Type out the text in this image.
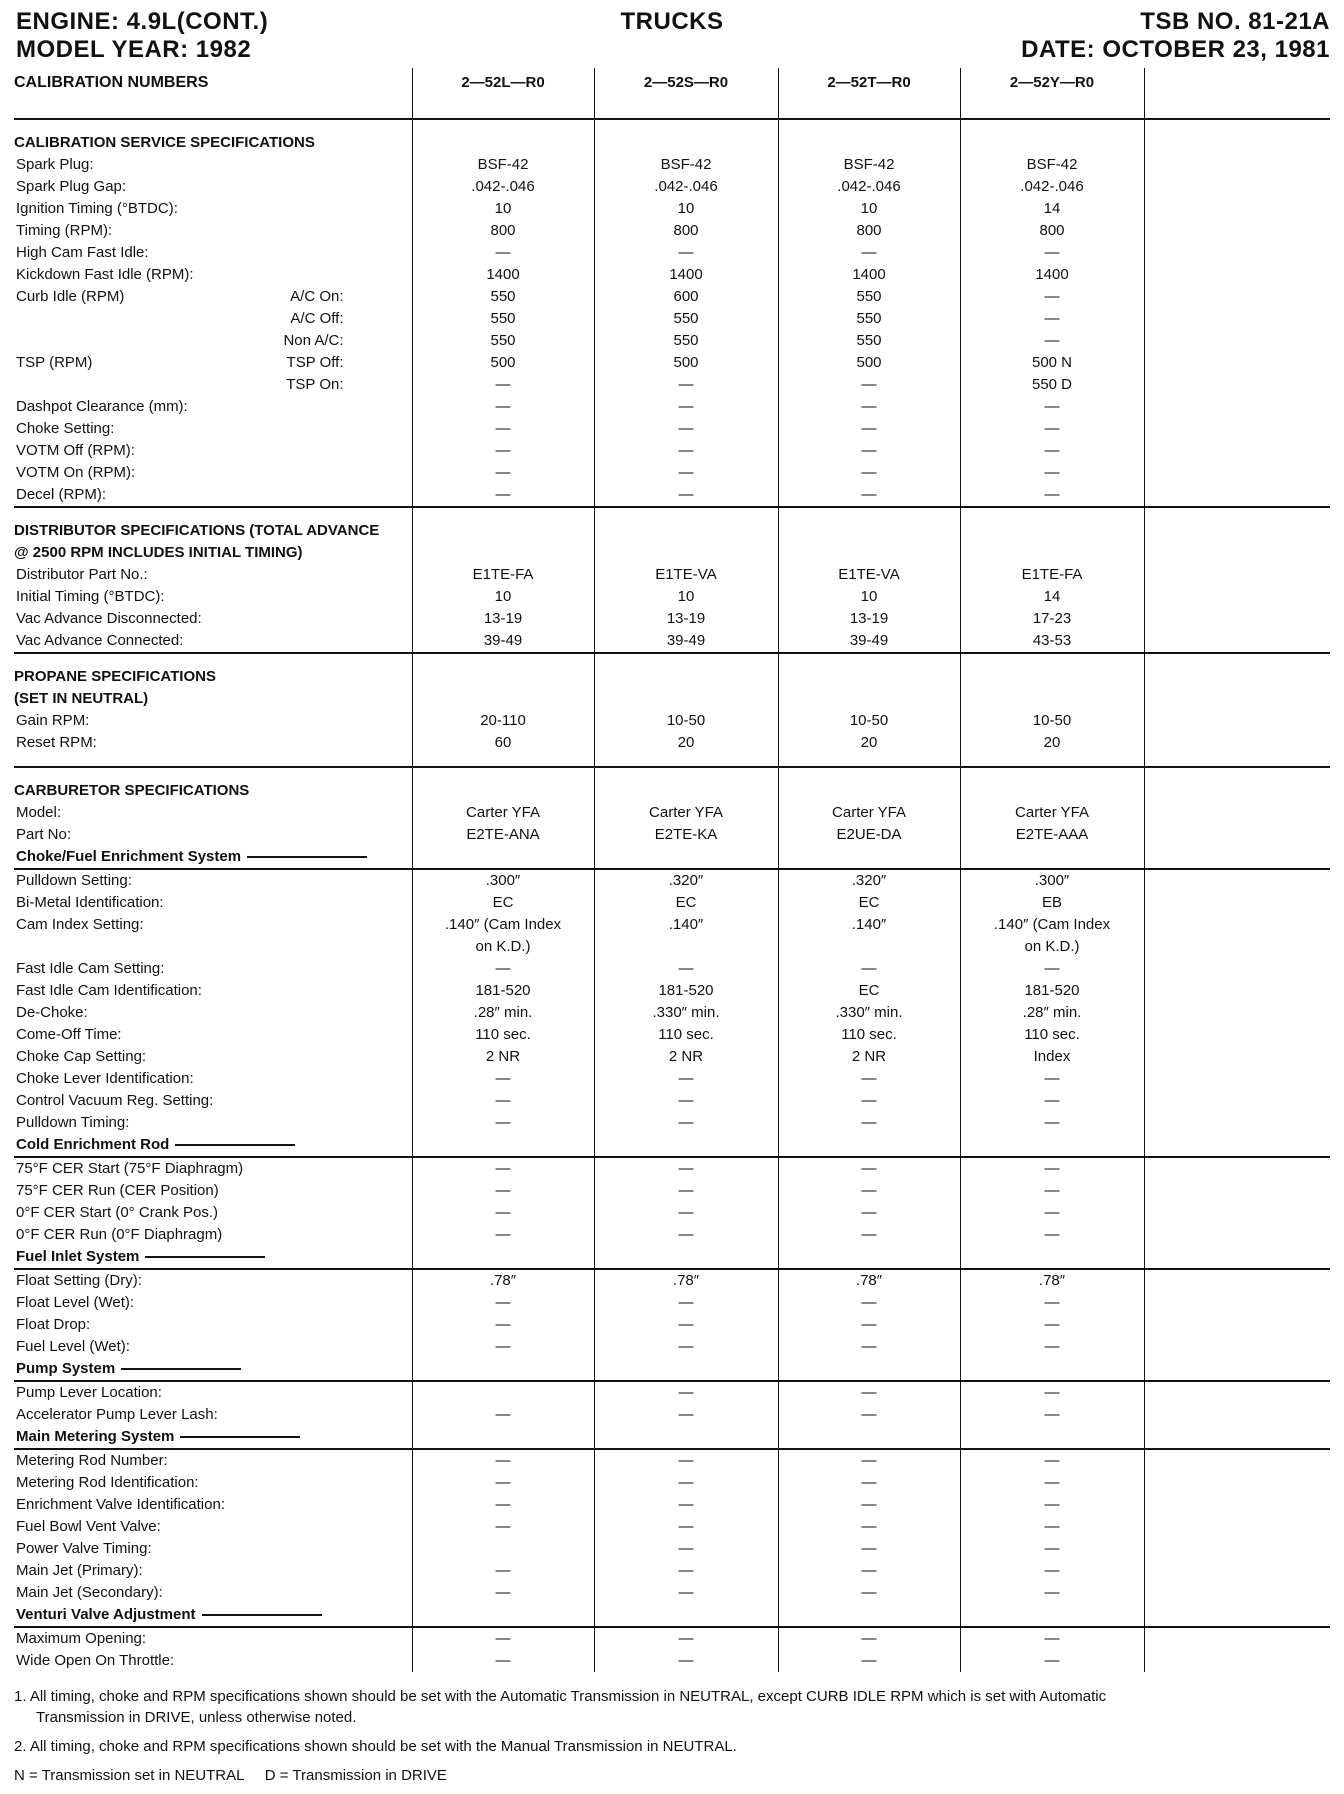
ENGINE: 4.9L(CONT.)
MODEL YEAR: 1982
TRUCKS	TSB NO. 81-21A
DATE: OCTOBER 23, 1981
CALIBRATION NUMBERS	2—52L—R0	2—52S—R0	2—52T—R0	2—52Y—R0	

CALIBRATION SERVICE SPECIFICATIONS					

Spark Plug:	BSF-42	BSF-42	BSF-42	BSF-42	

Spark Plug Gap:	.042-.046	.042-.046	.042-.046	.042-.046	

Ignition Timing (°BTDC):	10	10	10	14	

Timing (RPM):	800	800	800	800	

High Cam Fast Idle:	—	—	—	—	

Kickdown Fast Idle (RPM):	1400	1400	1400	1400	

Curb Idle (RPM) A/C On:	550	600	550	—	

A/C Off:	550	550	550	—	

Non A/C:	550	550	550	—	

TSP (RPM) TSP Off:	500	500	500	500 N	

TSP On:	—	—	—	550 D	

Dashpot Clearance (mm):	—	—	—	—	

Choke Setting:	—	—	—	—	

VOTM Off (RPM):	—	—	—	—	

VOTM On (RPM):	—	—	—	—	

Decel (RPM):	—	—	—	—	

DISTRIBUTOR SPECIFICATIONS (TOTAL ADVANCE					
@ 2500 RPM INCLUDES INITIAL TIMING)					
Distributor Part No.:	E1TE-FA	E1TE-VA	E1TE-VA	E1TE-FA	
Initial Timing (°BTDC):	10	10	10	14	
Vac Advance Disconnected:	13-19	13-19	13-19	17-23	
Vac Advance Connected:	39-49	39-49	39-49	43-53	

PROPANE SPECIFICATIONS					
(SET IN NEUTRAL)					
Gain RPM:	20-110	10-50	10-50	10-50	
Reset RPM:	60	20	20	20	

CARBURETOR SPECIFICATIONS					
Model:	Carter YFA	Carter YFA	Carter YFA	Carter YFA	
Part No:	E2TE-ANA	E2TE-KA	E2UE-DA	E2TE-AAA	
Choke/Fuel Enrichment System					
Pulldown Setting:	.300″	.320″	.320″	.300″	
Bi-Metal Identification:	EC	EC	EC	EB	
Cam Index Setting:	.140″ (Cam Index	.140″	.140″	.140″ (Cam Index	
	on K.D.)			on K.D.)	
Fast Idle Cam Setting:	—	—	—	—	
Fast Idle Cam Identification:	181-520	181-520	EC	181-520	
De-Choke:	.28″ min.	.330″ min.	.330″ min.	.28″ min.	
Come-Off Time:	110 sec.	110 sec.	110 sec.	110 sec.	
Choke Cap Setting:	2 NR	2 NR	2 NR	Index	
Choke Lever Identification:	—	—	—	—	
Control Vacuum Reg. Setting:	—	—	—	—	
Pulldown Timing:	—	—	—	—	
Cold Enrichment Rod					
75°F CER Start (75°F Diaphragm)	—	—	—	—	
75°F CER Run (CER Position)	—	—	—	—	
0°F CER Start (0° Crank Pos.)	—	—	—	—	
0°F CER Run (0°F Diaphragm)	—	—	—	—	
Fuel Inlet System					
Float Setting (Dry):	.78″	.78″	.78″	.78″	
Float Level (Wet):	—	—	—	—	
Float Drop:	—	—	—	—	
Fuel Level (Wet):	—	—	—	—	
Pump System					
Pump Lever Location:		—	—	—	
Accelerator Pump Lever Lash:	—	—	—	—	
Main Metering System					
Metering Rod Number:	—	—	—	—	
Metering Rod Identification:	—	—	—	—	
Enrichment Valve Identification:	—	—	—	—	
Fuel Bowl Vent Valve:	—	—	—	—	
Power Valve Timing:		—	—	—	
Main Jet (Primary):	—	—	—	—	
Main Jet (Secondary):	—	—	—	—	
Venturi Valve Adjustment					
Maximum Opening:	—	—	—	—	
Wide Open On Throttle:	—	—	—	—	

1. All timing, choke and RPM specifications shown should be set with the Automatic Transmission in NEUTRAL, except CURB IDLE RPM which is set with Automatic
Transmission in DRIVE, unless otherwise noted.

2. All timing, choke and RPM specifications shown should be set with the Manual Transmission in NEUTRAL.

N = Transmission set in NEUTRAL     D = Transmission in DRIVE
